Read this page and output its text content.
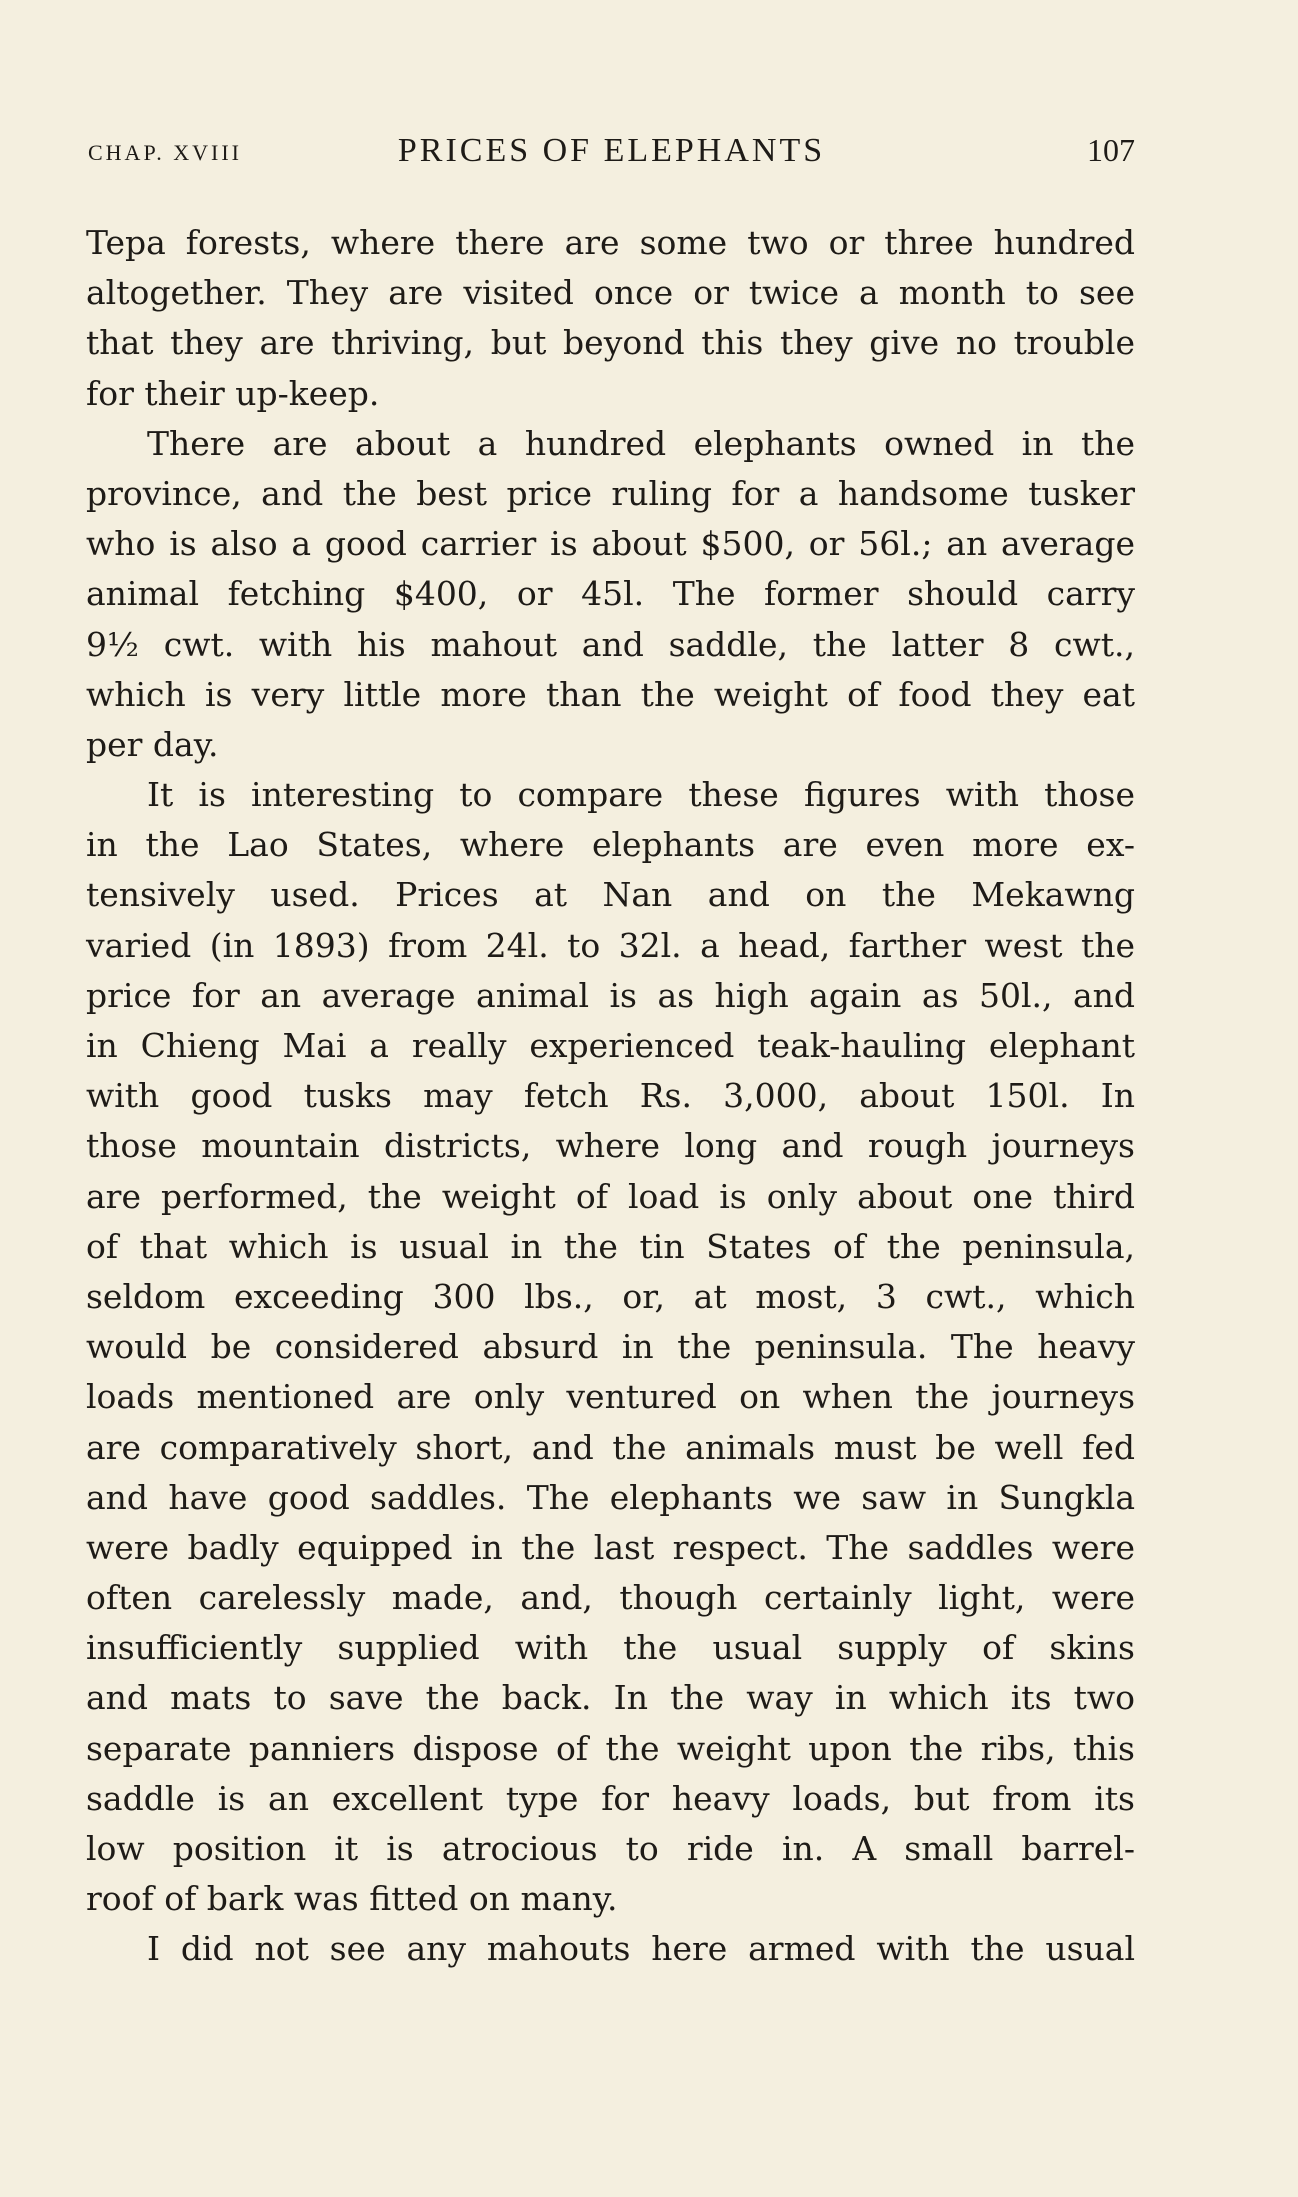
CHAP. XVIII	PRICES OF ELEPHANTS	107
Tepa forests, where there are some two or three hundred
altogether. They are visited once or twice a month to see
that they are thriving, but beyond this they give no trouble
for their up-keep.
There are about a hundred elephants owned in the
province, and the best price ruling for a handsome tusker
who is also a good carrier is about $500, or 56l.; an average
animal fetching $400, or 45l. The former should carry
9½ cwt. with his mahout and saddle, the latter 8 cwt.,
which is very little more than the weight of food they eat
per day.
It is interesting to compare these figures with those
in the Lao States, where elephants are even more ex-
tensively used. Prices at Nan and on the Mekawng
varied (in 1893) from 24l. to 32l. a head, farther west the
price for an average animal is as high again as 50l., and
in Chieng Mai a really experienced teak-hauling elephant
with good tusks may fetch Rs. 3,000, about 150l. In
those mountain districts, where long and rough journeys
are performed, the weight of load is only about one third
of that which is usual in the tin States of the peninsula,
seldom exceeding 300 lbs., or, at most, 3 cwt., which
would be considered absurd in the peninsula. The heavy
loads mentioned are only ventured on when the journeys
are comparatively short, and the animals must be well fed
and have good saddles. The elephants we saw in Sungkla
were badly equipped in the last respect. The saddles were
often carelessly made, and, though certainly light, were
insufficiently supplied with the usual supply of skins
and mats to save the back. In the way in which its two
separate panniers dispose of the weight upon the ribs, this
saddle is an excellent type for heavy loads, but from its
low position it is atrocious to ride in. A small barrel-
roof of bark was fitted on many.
I did not see any mahouts here armed with the usual
